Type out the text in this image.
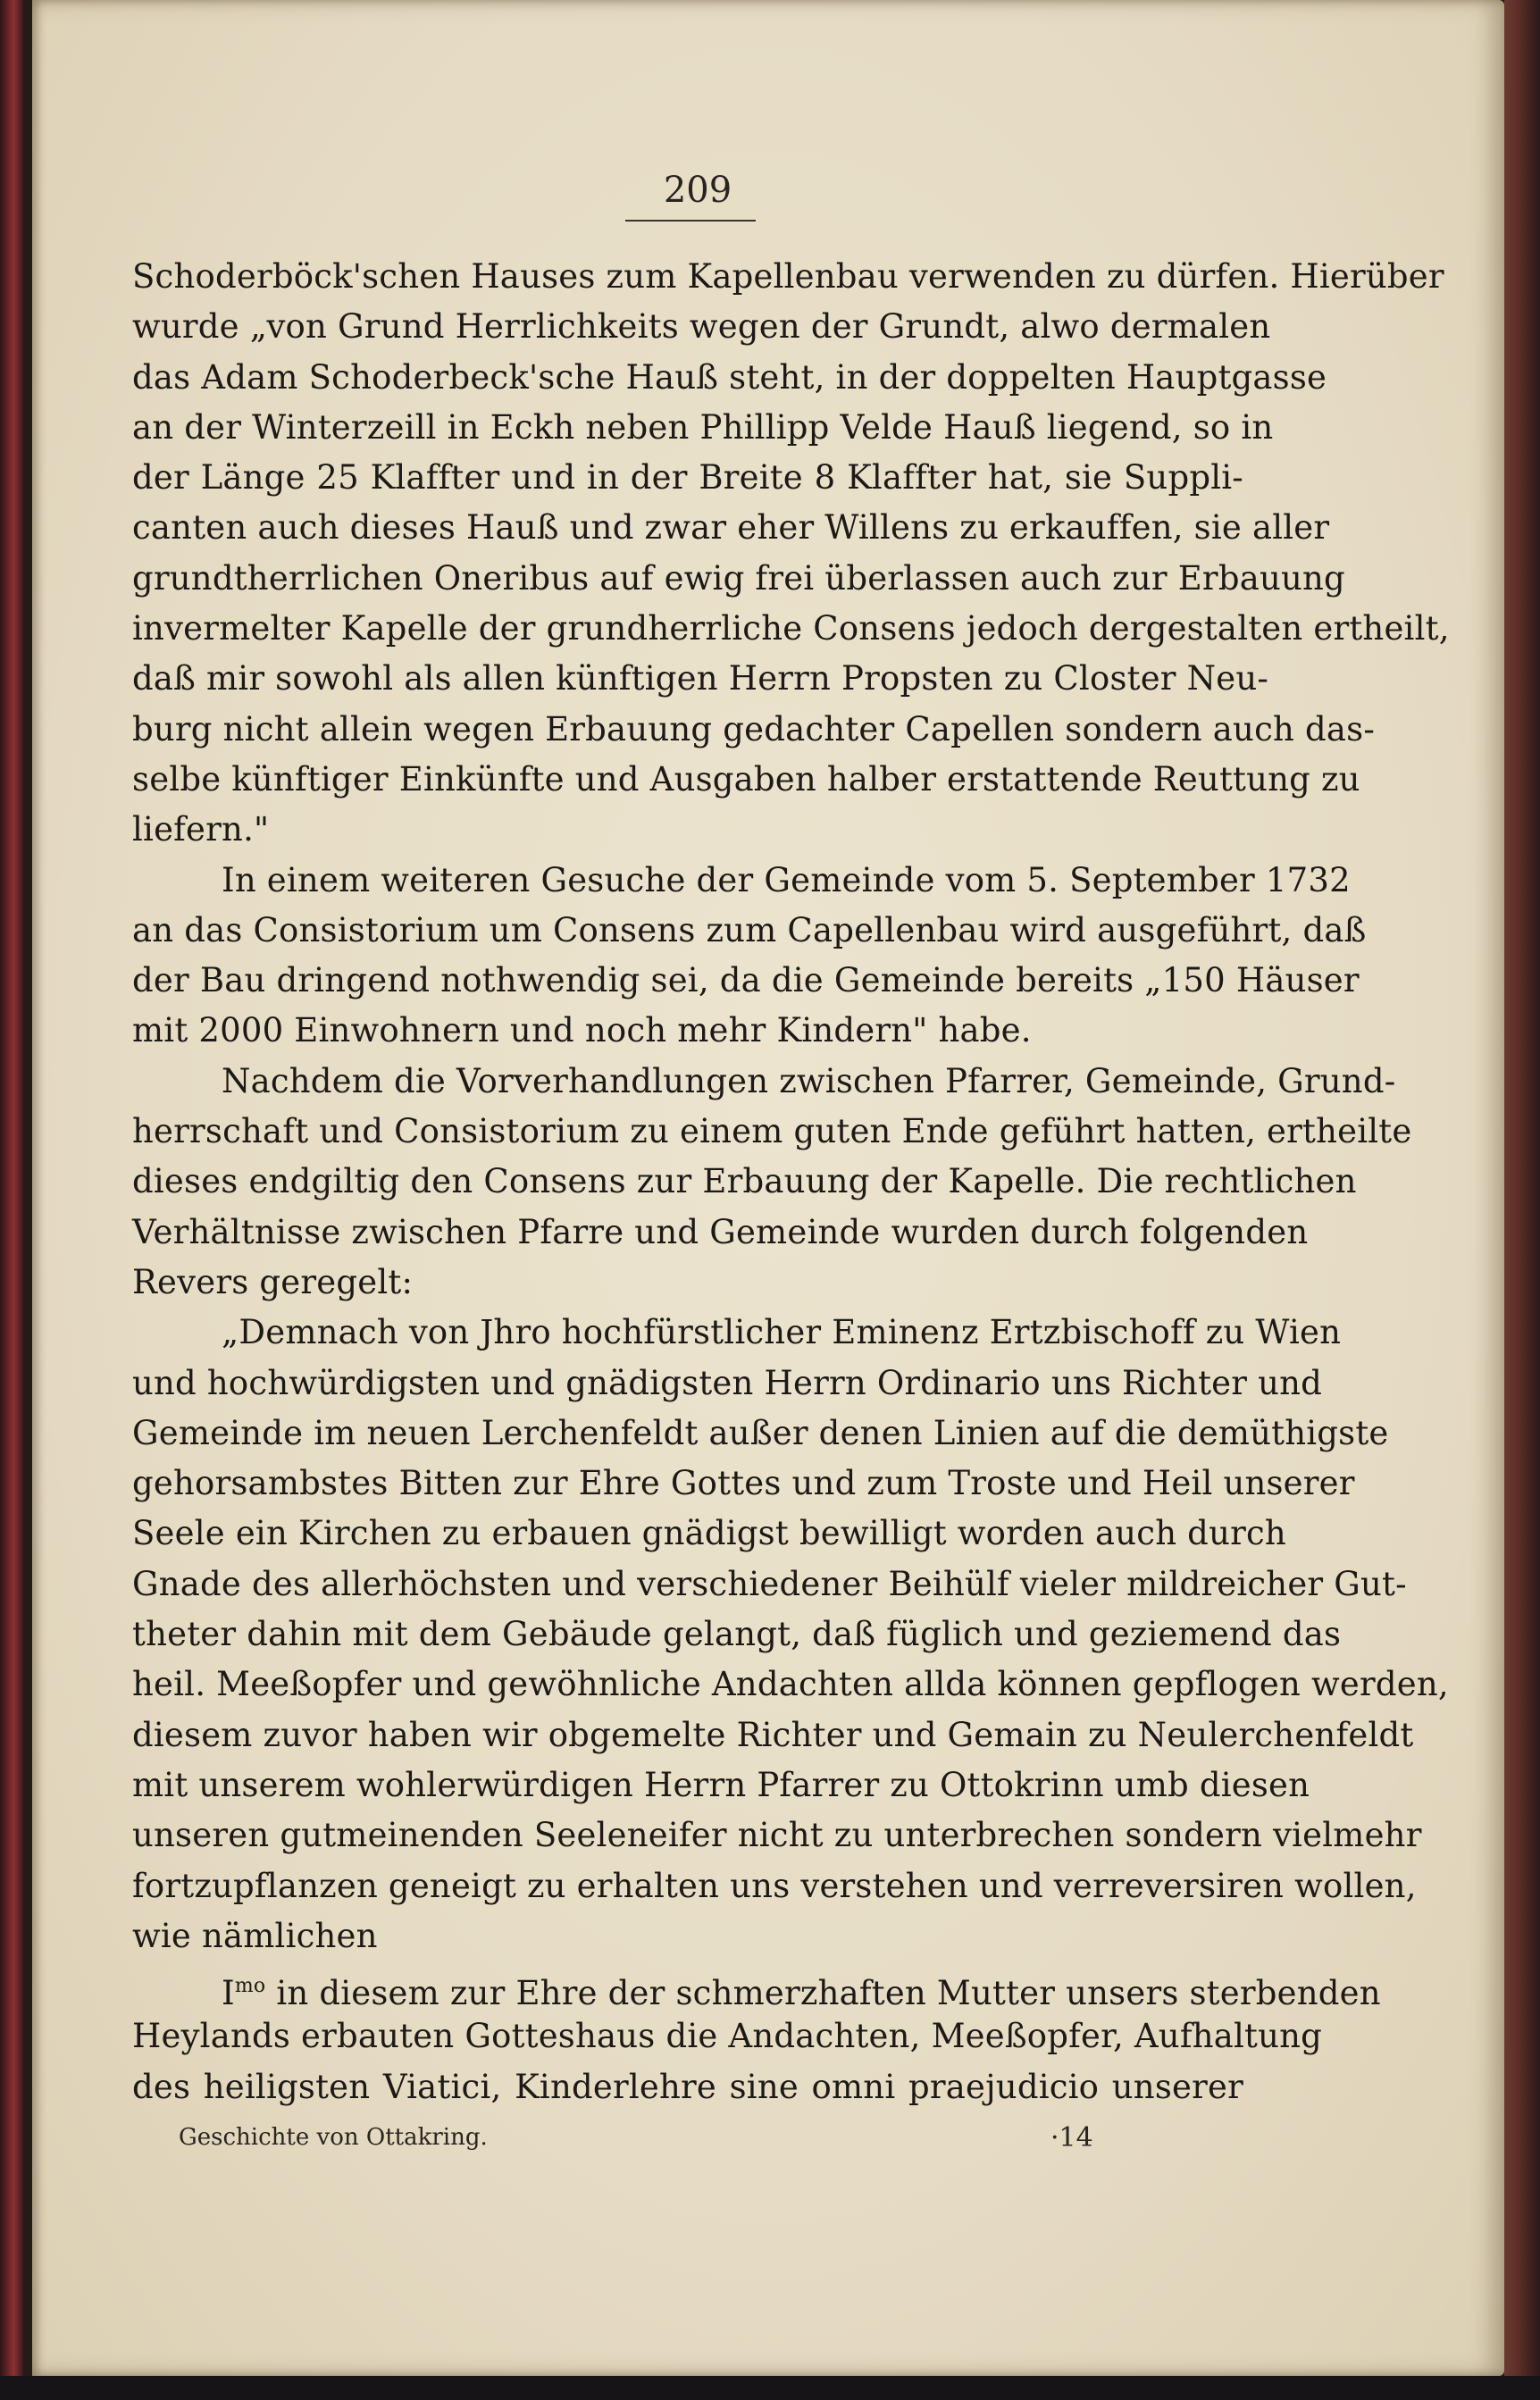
209
Schoderböck'schen Hauses zum Kapellenbau verwenden zu dürfen. Hierüber
wurde „von Grund Herrlichkeits wegen der Grundt, alwo dermalen
das Adam Schoderbeck'sche Hauß steht, in der doppelten Hauptgasse
an der Winterzeill in Eckh neben Phillipp Velde Hauß liegend, so in
der Länge 25 Klaffter und in der Breite 8 Klaffter hat, sie Suppli-
canten auch dieses Hauß und zwar eher Willens zu erkauffen, sie aller
grundtherrlichen Oneribus auf ewig frei überlassen auch zur Erbauung
invermelter Kapelle der grundherrliche Consens jedoch dergestalten ertheilt,
daß mir sowohl als allen künftigen Herrn Propsten zu Closter Neu-
burg nicht allein wegen Erbauung gedachter Capellen sondern auch das-
selbe künftiger Einkünfte und Ausgaben halber erstattende Reuttung zu
liefern."
In einem weiteren Gesuche der Gemeinde vom 5. September 1732
an das Consistorium um Consens zum Capellenbau wird ausgeführt, daß
der Bau dringend nothwendig sei, da die Gemeinde bereits „150 Häuser
mit 2000 Einwohnern und noch mehr Kindern" habe.
Nachdem die Vorverhandlungen zwischen Pfarrer, Gemeinde, Grund-
herrschaft und Consistorium zu einem guten Ende geführt hatten, ertheilte
dieses endgiltig den Consens zur Erbauung der Kapelle. Die rechtlichen
Verhältnisse zwischen Pfarre und Gemeinde wurden durch folgenden
Revers geregelt:
„Demnach von Jhro hochfürstlicher Eminenz Ertzbischoff zu Wien
und hochwürdigsten und gnädigsten Herrn Ordinario uns Richter und
Gemeinde im neuen Lerchenfeldt außer denen Linien auf die demüthigste
gehorsambstes Bitten zur Ehre Gottes und zum Troste und Heil unserer
Seele ein Kirchen zu erbauen gnädigst bewilligt worden auch durch
Gnade des allerhöchsten und verschiedener Beihülf vieler mildreicher Gut-
theter dahin mit dem Gebäude gelangt, daß füglich und geziemend das
heil. Meeßopfer und gewöhnliche Andachten allda können gepflogen werden,
diesem zuvor haben wir obgemelte Richter und Gemain zu Neulerchenfeldt
mit unserem wohlerwürdigen Herrn Pfarrer zu Ottokrinn umb diesen
unseren gutmeinenden Seeleneifer nicht zu unterbrechen sondern vielmehr
fortzupflanzen geneigt zu erhalten uns verstehen und verreversiren wollen,
wie nämlichen
$I^{mo}$ in diesem zur Ehre der schmerzhaften Mutter unsers sterbenden
Heylands erbauten Gotteshaus die Andachten, Meeßopfer, Aufhaltung
des heiligsten Viatici, Kinderlehre sine omni praejudicio unserer
Geschichte von Ottakring.	·14
